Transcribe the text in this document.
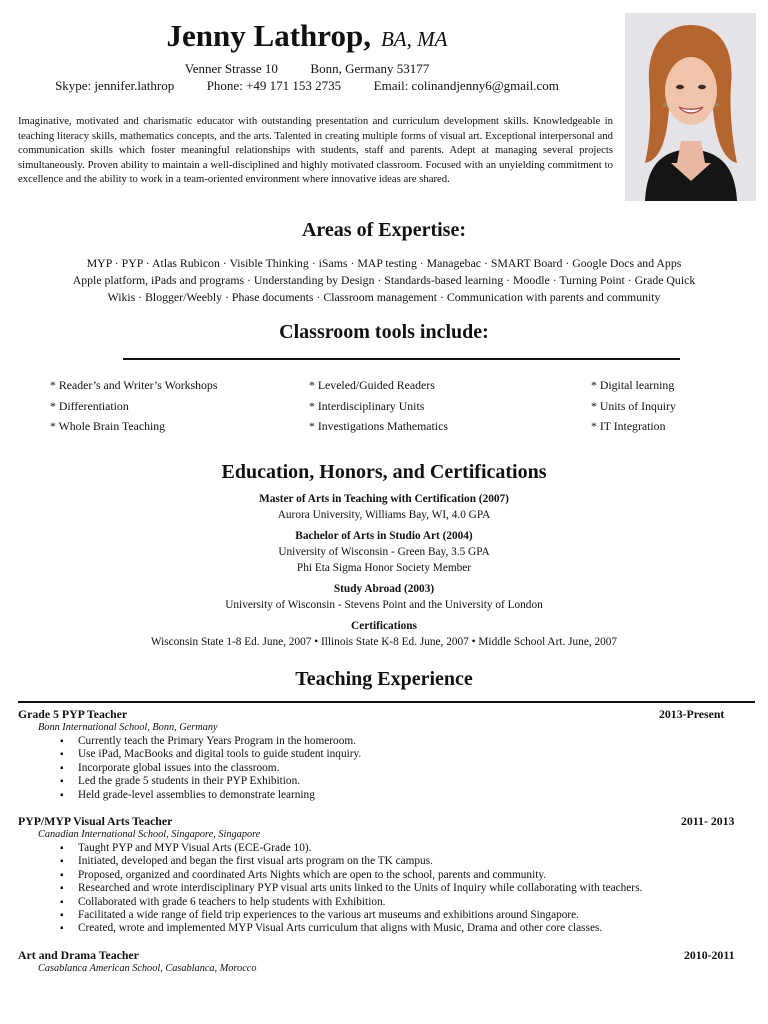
Jenny Lathrop, BA, MA
Venner Strasse 10          Bonn, Germany 53177
Skype: jennifer.lathrop          Phone: +49 171 153 2735          Email: colinandjenny6@gmail.com
Imaginative, motivated and charismatic educator with outstanding presentation and curriculum development skills. Knowledgeable in teaching literacy skills, mathematics concepts, and the arts. Talented in creating multiple forms of visual art. Exceptional interpersonal and communication skills which foster meaningful relationships with students, staff and parents. Adept at managing several projects simultaneously. Proven ability to maintain a well-disciplined and highly motivated classroom. Focused with an unyielding commitment to excellence and the ability to work in a team-oriented environment where innovative ideas are shared.
Areas of Expertise:
MYP · PYP · Atlas Rubicon · Visible Thinking · iSams · MAP testing · Managebac · SMART Board · Google Docs and Apps
Apple platform, iPads and programs · Understanding by Design · Standards-based learning · Moodle · Turning Point · Grade Quick
Wikis · Blogger/Weebly · Phase documents · Classroom management · Communication with parents and community
Classroom tools include:
* Reader’s and Writer’s Workshops
* Differentiation
* Whole Brain Teaching
* Leveled/Guided Readers
* Interdisciplinary Units
* Investigations Mathematics
* Digital learning
* Units of Inquiry
* IT Integration
Education, Honors, and Certifications
Master of Arts in Teaching with Certification (2007)
Aurora University, Williams Bay, WI, 4.0 GPA
Bachelor of Arts in Studio Art (2004)
University of Wisconsin - Green Bay, 3.5 GPA
Phi Eta Sigma Honor Society Member
Study Abroad (2003)
University of Wisconsin - Stevens Point and the University of London
Certifications
Wisconsin State 1-8 Ed. June, 2007 • Illinois State K-8 Ed. June, 2007 • Middle School Art. June, 2007
Teaching Experience
Grade 5 PYP Teacher	2013-Present
Bonn International School, Bonn, Germany
▪ Currently teach the Primary Years Program in the homeroom.
▪ Use iPad, MacBooks and digital tools to guide student inquiry.
▪ Incorporate global issues into the classroom.
▪ Led the grade 5 students in their PYP Exhibition.
▪ Held grade-level assemblies to demonstrate learning
PYP/MYP Visual Arts Teacher	2011- 2013
Canadian International School, Singapore, Singapore
▪ Taught PYP and MYP Visual Arts (ECE-Grade 10).
▪ Initiated, developed and began the first visual arts program on the TK campus.
▪ Proposed, organized and coordinated Arts Nights which are open to the school, parents and community.
▪ Researched and wrote interdisciplinary PYP visual arts units linked to the Units of Inquiry while collaborating with teachers.
▪ Collaborated with grade 6 teachers to help students with Exhibition.
▪ Facilitated a wide range of field trip experiences to the various art museums and exhibitions around Singapore.
▪ Created, wrote and implemented MYP Visual Arts curriculum that aligns with Music, Drama and other core classes.
Art and Drama Teacher	2010-2011
Casablanca American School, Casablanca, Morocco
